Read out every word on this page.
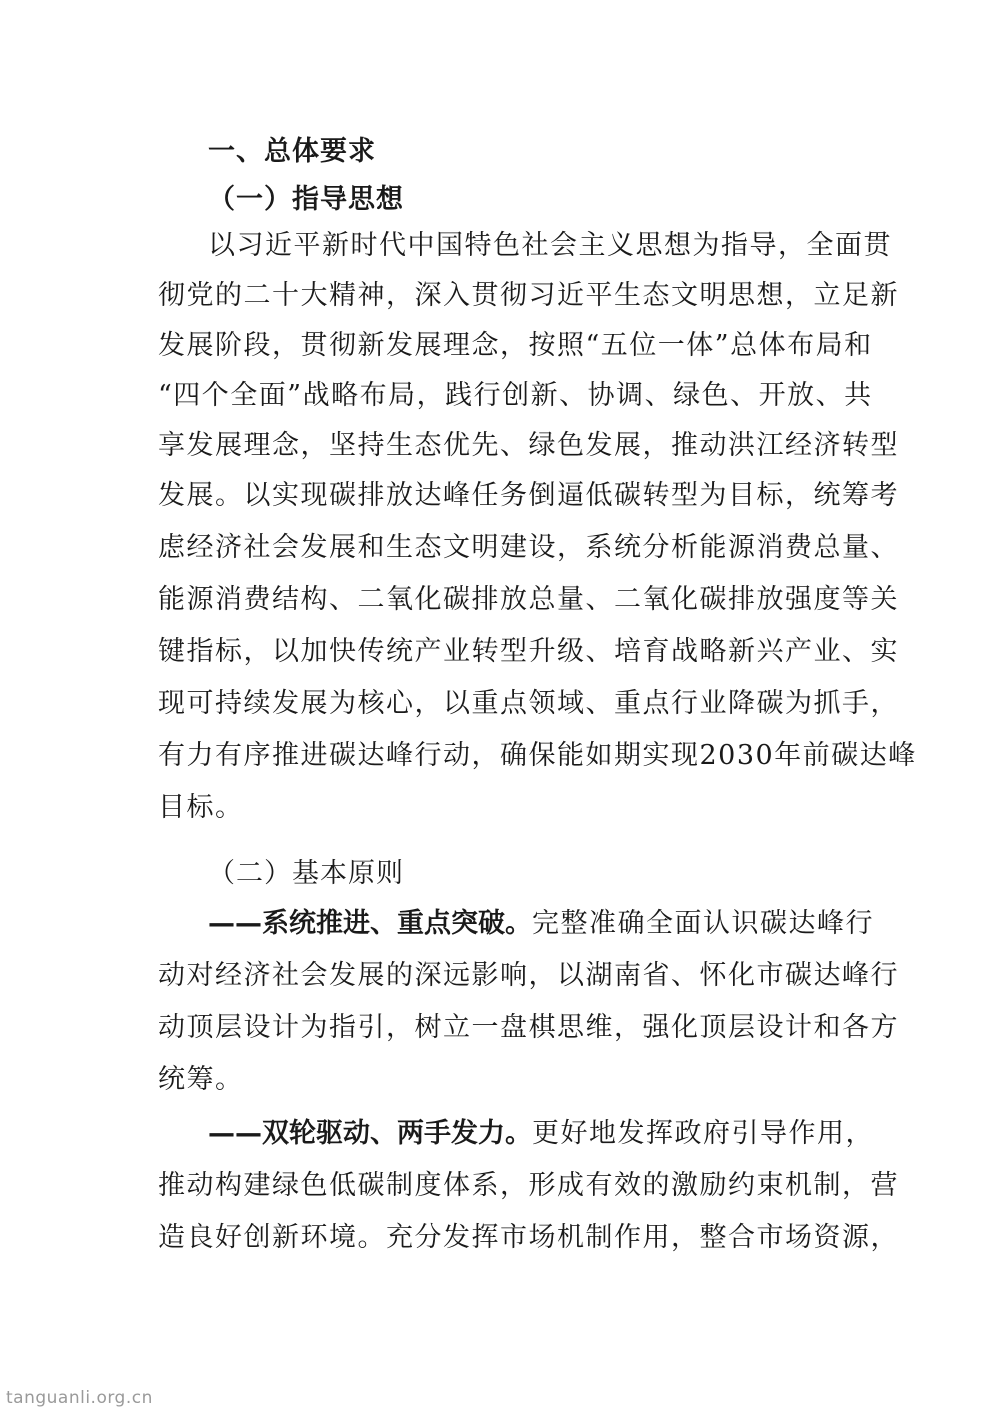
一、总体要求
（一）指导思想
以习近平新时代中国特色社会主义思想为指导，全面贯
彻党的二十大精神，深入贯彻习近平生态文明思想，立足新
发展阶段，贯彻新发展理念，按照“五位一体”总体布局和
“四个全面”战略布局，践行创新、协调、绿色、开放、共
享发展理念，坚持生态优先、绿色发展，推动洪江经济转型
发展。以实现碳排放达峰任务倒逼低碳转型为目标，统筹考
虑经济社会发展和生态文明建设，系统分析能源消费总量、
能源消费结构、二氧化碳排放总量、二氧化碳排放强度等关
键指标，以加快传统产业转型升级、培育战略新兴产业、实
现可持续发展为核心，以重点领域、重点行业降碳为抓手，
有力有序推进碳达峰行动，确保能如期实现2030年前碳达峰
目标。
（二）基本原则
——系统推进、重点突破。完整准确全面认识碳达峰行
动对经济社会发展的深远影响，以湖南省、怀化市碳达峰行
动顶层设计为指引，树立一盘棋思维，强化顶层设计和各方
统筹。
——双轮驱动、两手发力。更好地发挥政府引导作用，
推动构建绿色低碳制度体系，形成有效的激励约束机制，营
造良好创新环境。充分发挥市场机制作用，整合市场资源，
tanguanli.org.cn
